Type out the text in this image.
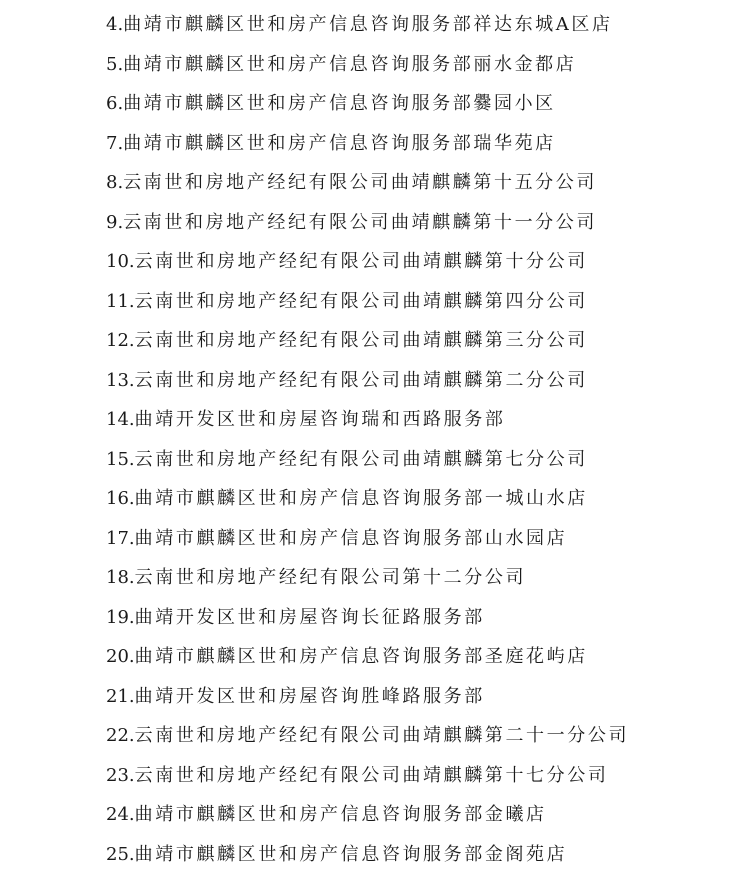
4.曲靖市麒麟区世和房产信息咨询服务部祥达东城A区店
5.曲靖市麒麟区世和房产信息咨询服务部丽水金都店
6.曲靖市麒麟区世和房产信息咨询服务部爨园小区
7.曲靖市麒麟区世和房产信息咨询服务部瑞华苑店
8.云南世和房地产经纪有限公司曲靖麒麟第十五分公司
9.云南世和房地产经纪有限公司曲靖麒麟第十一分公司
10.云南世和房地产经纪有限公司曲靖麒麟第十分公司
11.云南世和房地产经纪有限公司曲靖麒麟第四分公司
12.云南世和房地产经纪有限公司曲靖麒麟第三分公司
13.云南世和房地产经纪有限公司曲靖麒麟第二分公司
14.曲靖开发区世和房屋咨询瑞和西路服务部
15.云南世和房地产经纪有限公司曲靖麒麟第七分公司
16.曲靖市麒麟区世和房产信息咨询服务部一城山水店
17.曲靖市麒麟区世和房产信息咨询服务部山水园店
18.云南世和房地产经纪有限公司第十二分公司
19.曲靖开发区世和房屋咨询长征路服务部
20.曲靖市麒麟区世和房产信息咨询服务部圣庭花屿店
21.曲靖开发区世和房屋咨询胜峰路服务部
22.云南世和房地产经纪有限公司曲靖麒麟第二十一分公司
23.云南世和房地产经纪有限公司曲靖麒麟第十七分公司
24.曲靖市麒麟区世和房产信息咨询服务部金曦店
25.曲靖市麒麟区世和房产信息咨询服务部金阁苑店
